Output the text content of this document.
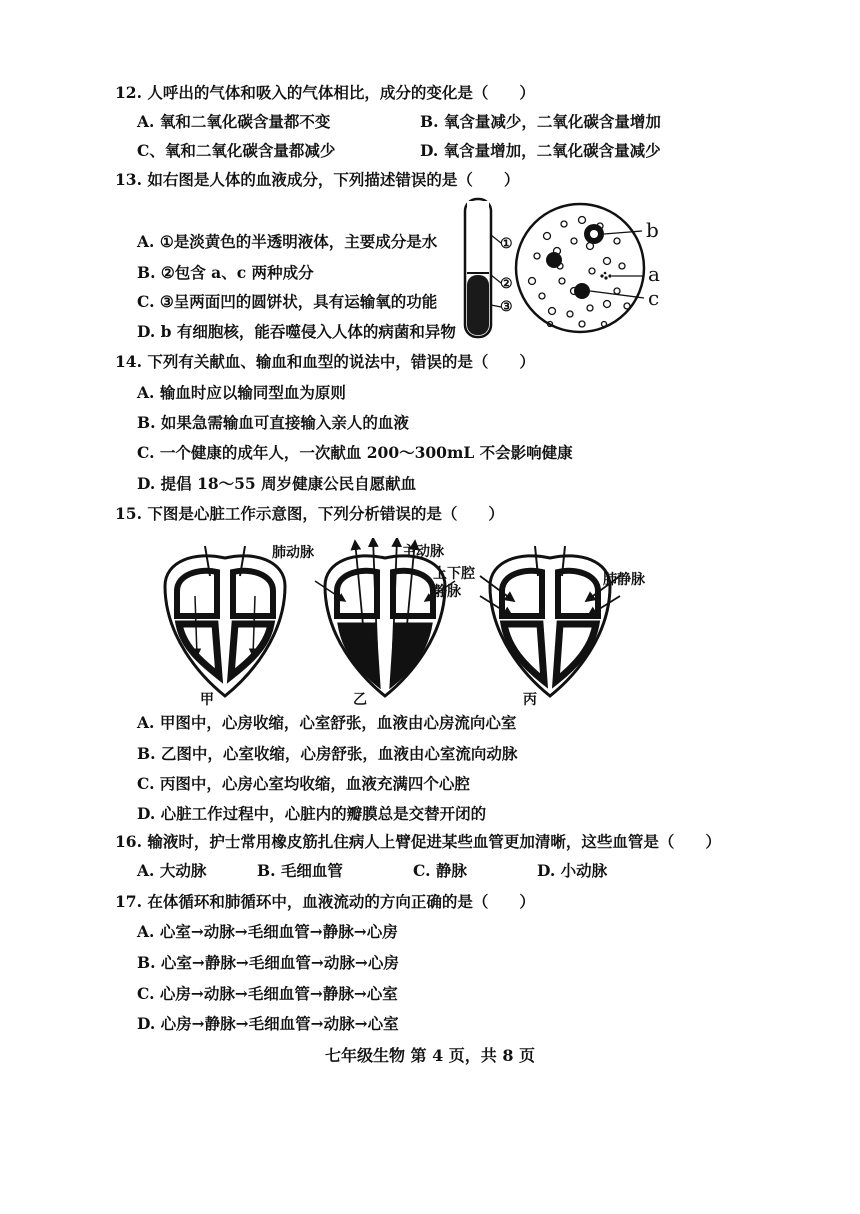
12. 人呼出的气体和吸入的气体相比，成分的变化是（　　）
A. 氧和二氧化碳含量都不变	B. 氧含量减少，二氧化碳含量增加
C、氧和二氧化碳含量都减少	D. 氧含量增加，二氧化碳含量减少
13. 如右图是人体的血液成分，下列描述错误 · ·的是（　　）
A. ①是淡黄色的半透明液体，主要成分是水
B. ②包含 a、c 两种成分
C. ③呈两面凹的圆饼状，具有运输氧的功能
D. b 有细胞核，能吞噬侵入人体的病菌和异物
①
②
③
b
a
c
14. 下列有关献血、输血和血型的说法中，错误 · ·的是（　　）
A. 输血时应以输同型血为原则
B. 如果急需输血可直接输入亲人的血液
C. 一个健康的成年人，一次献血 200～300mL 不会影响健康
D. 提倡 18～55 周岁健康公民自愿献血
15. 下图是心脏工作示意图，下列分析错误的是（　　）
肺动脉	主动脉
上下腔
静脉
肺静脉
甲	乙	丙
A. 甲图中，心房收缩，心室舒张，血液由心房流向心室
B. 乙图中，心室收缩，心房舒张，血液由心室流向动脉
C. 丙图中，心房心室均收缩，血液充满四个心腔
D. 心脏工作过程中，心脏内的瓣膜总是交替开闭的
16. 输液时，护士常用橡皮筋扎住病人上臂促进某些血管更加清晰，这些血管是（　　）
A. 大动脉	B. 毛细血管	C. 静脉	D. 小动脉
17. 在体循环和肺循环中，血液流动的方向正确的是（　　）
A. 心室→动脉→毛细血管→静脉→心房
B. 心室→静脉→毛细血管→动脉→心房
C. 心房→动脉→毛细血管→静脉→心室
D. 心房→静脉→毛细血管→动脉→心室
七年级生物 第 4 页，共 8 页
